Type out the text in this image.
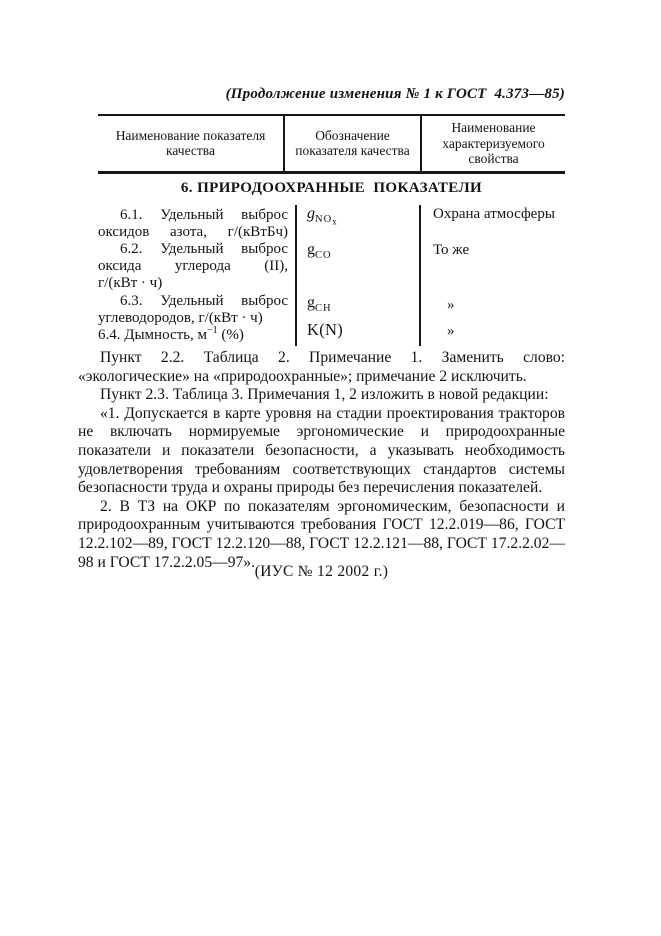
(Продолжение изменения № 1 к ГОСТ  4.373—85)
Наименование показателя качества
Обозначение показателя качества
Наименование характеризуемого свойства
6. ПРИРОДООХРАННЫЕ  ПОКАЗАТЕЛИ
6.1. Удельный выброс
оксидов азота, г/(кВтБч)
6.2. Удельный выброс
оксида углерода (II),
г/(кВт · ч)
6.3. Удельный выброс
углеводородов, г/(кВт · ч)
6.4. Дымность, $м^{-1}$ (%)
$g_{NOx}$
$g_{CO}$
$g_{CH}$
K(N)
Охрана атмосферы
То же
»
»

Пункт 2.2. Таблица 2. Примечание 1. Заменить слово: «экологические» на «природоохранные»; примечание 2 исключить.

Пункт 2.3. Таблица 3. Примечания 1, 2 изложить в новой редакции:

«1. Допускается в карте уровня на стадии проектирования тракторов не включать нормируемые эргономические и природоохранные показатели и показатели безопасности, а указывать необходимость удовлетворения требованиям соответствующих стандартов системы безопасности труда и охраны природы без перечисления показателей.

2. В ТЗ на ОКР по показателям эргономическим, безопасности и природоохранным учитываются требования ГОСТ 12.2.019—86, ГОСТ 12.2.102—89, ГОСТ 12.2.120—88, ГОСТ 12.2.121—88, ГОСТ 17.2.2.02—98 и ГОСТ 17.2.2.05—97».

(ИУС № 12 2002 г.)
